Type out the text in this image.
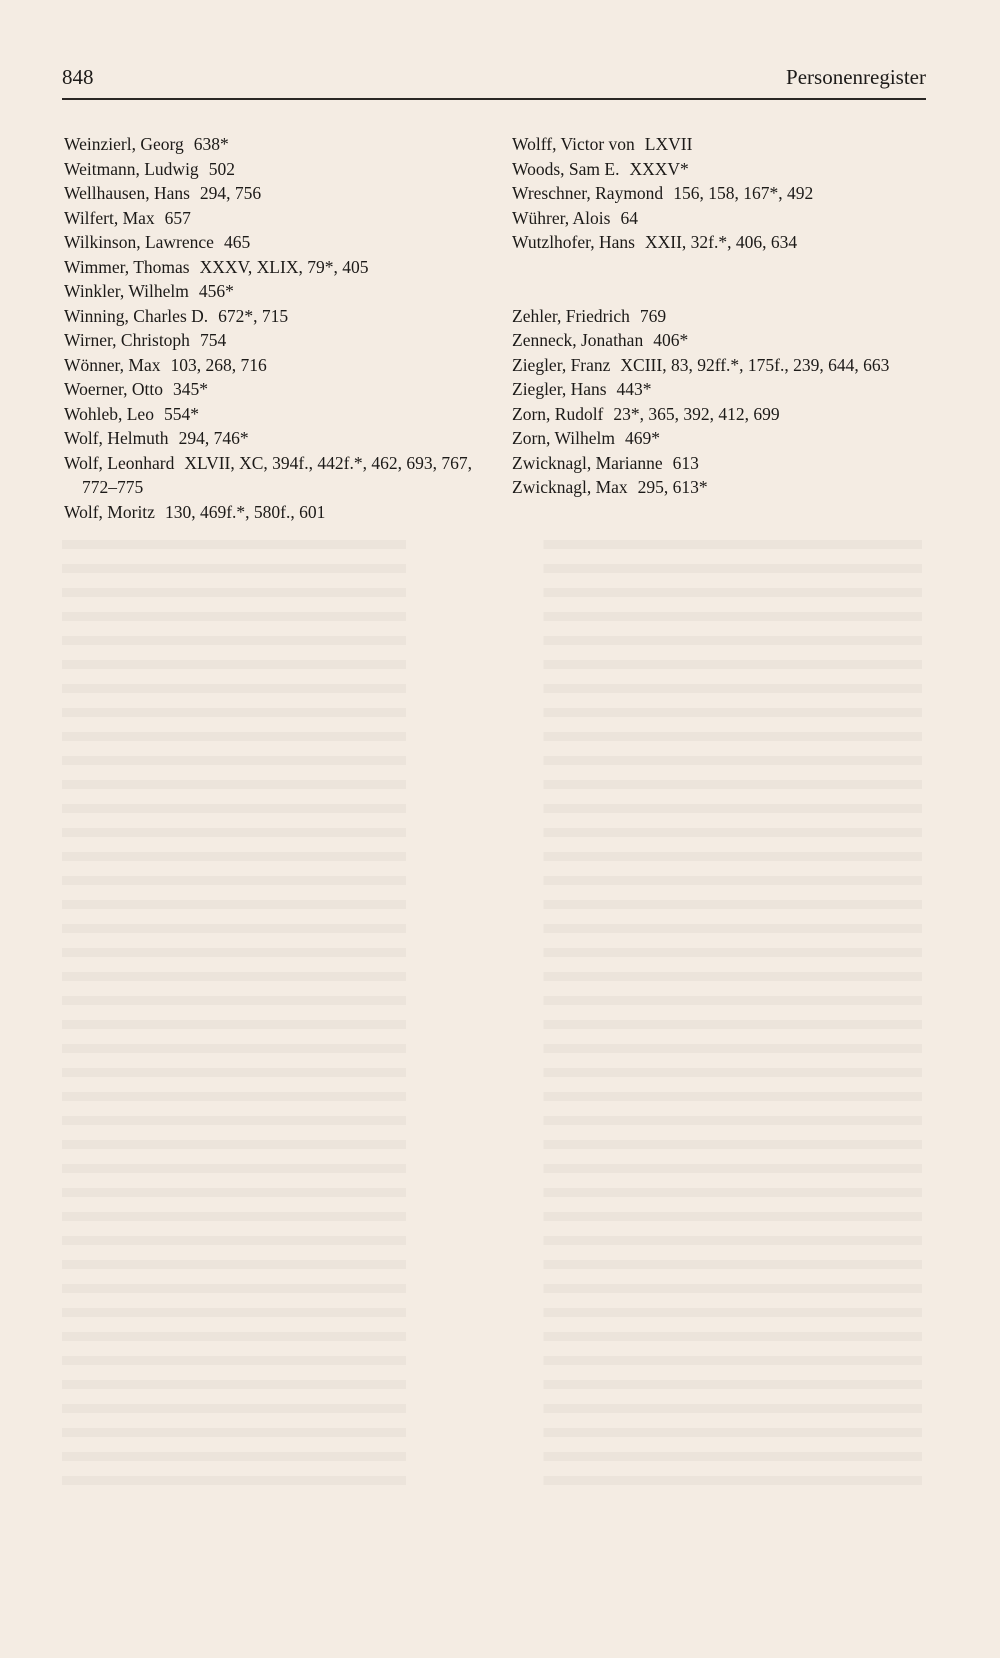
848	Personenregister

Weinzierl, Georg 638*

Weitmann, Ludwig 502

Wellhausen, Hans 294, 756

Wilfert, Max 657

Wilkinson, Lawrence 465

Wimmer, Thomas XXXV, XLIX, 79*, 405

Winkler, Wilhelm 456*

Winning, Charles D. 672*, 715

Wirner, Christoph 754

Wönner, Max 103, 268, 716

Woerner, Otto 345*

Wohleb, Leo 554*

Wolf, Helmuth 294, 746*

Wolf, Leonhard XLVII, XC, 394f., 442f.*, 462, 693, 767, 772–775

Wolf, Moritz 130, 469f.*, 580f., 601

Wolff, Victor von LXVII

Woods, Sam E. XXXV*

Wreschner, Raymond 156, 158, 167*, 492

Wührer, Alois 64

Wutzlhofer, Hans XXII, 32f.*, 406, 634

Zehler, Friedrich 769

Zenneck, Jonathan 406*

Ziegler, Franz XCIII, 83, 92ff.*, 175f., 239, 644, 663

Ziegler, Hans 443*

Zorn, Rudolf 23*, 365, 392, 412, 699

Zorn, Wilhelm 469*

Zwicknagl, Marianne 613

Zwicknagl, Max 295, 613*
